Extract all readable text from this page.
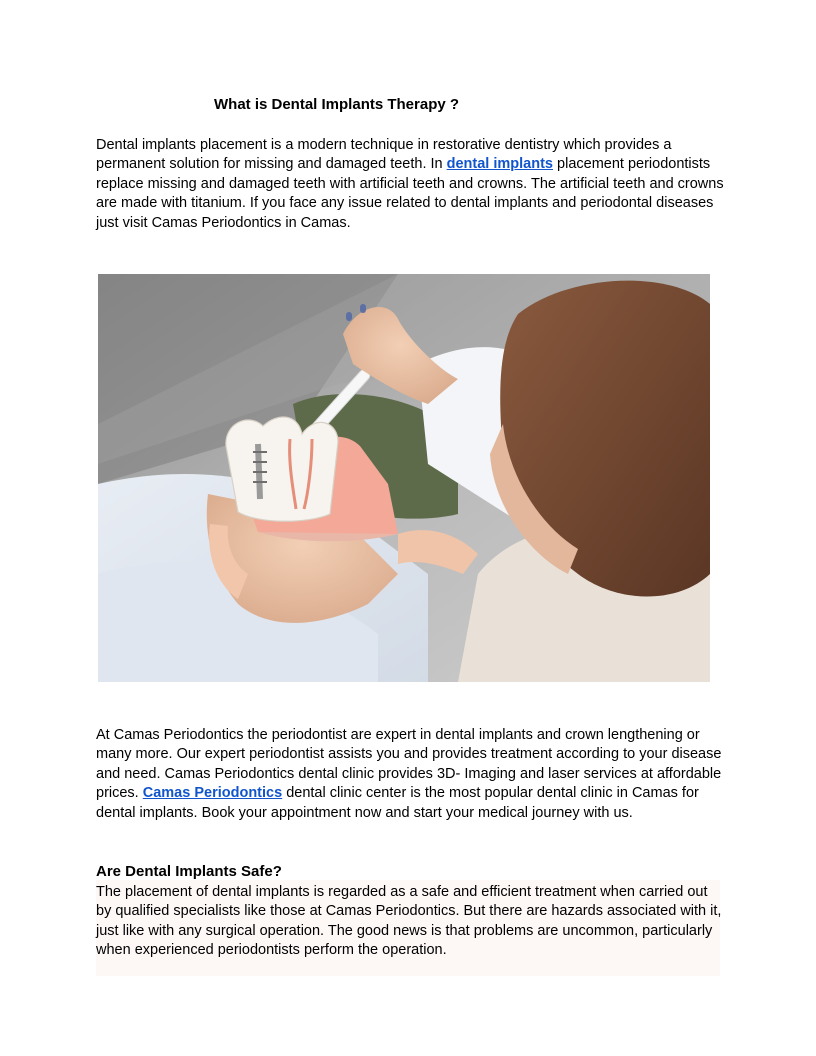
What is Dental Implants Therapy ?

Dental implants placement is a modern technique in restorative dentistry which provides a permanent solution for missing and damaged teeth. In dental implants placement periodontists replace missing and damaged teeth with artificial teeth and crowns. The artificial teeth and crowns are made with titanium. If you face any issue related to dental implants and periodontal diseases just visit Camas Periodontics in Camas.

At Camas Periodontics the periodontist are expert in dental implants and crown lengthening or many more. Our expert periodontist assists you and provides treatment according to your disease and need. Camas Periodontics dental clinic provides 3D- Imaging and laser services at affordable prices. Camas Periodontics dental clinic center is the most popular dental clinic in Camas for dental implants. Book your appointment now and start your medical journey with us.

Are Dental Implants Safe?

The placement of dental implants is regarded as a safe and efficient treatment when carried out by qualified specialists like those at Camas Periodontics. But there are hazards associated with it, just like with any surgical operation. The good news is that problems are uncommon, particularly when experienced periodontists perform the operation.
